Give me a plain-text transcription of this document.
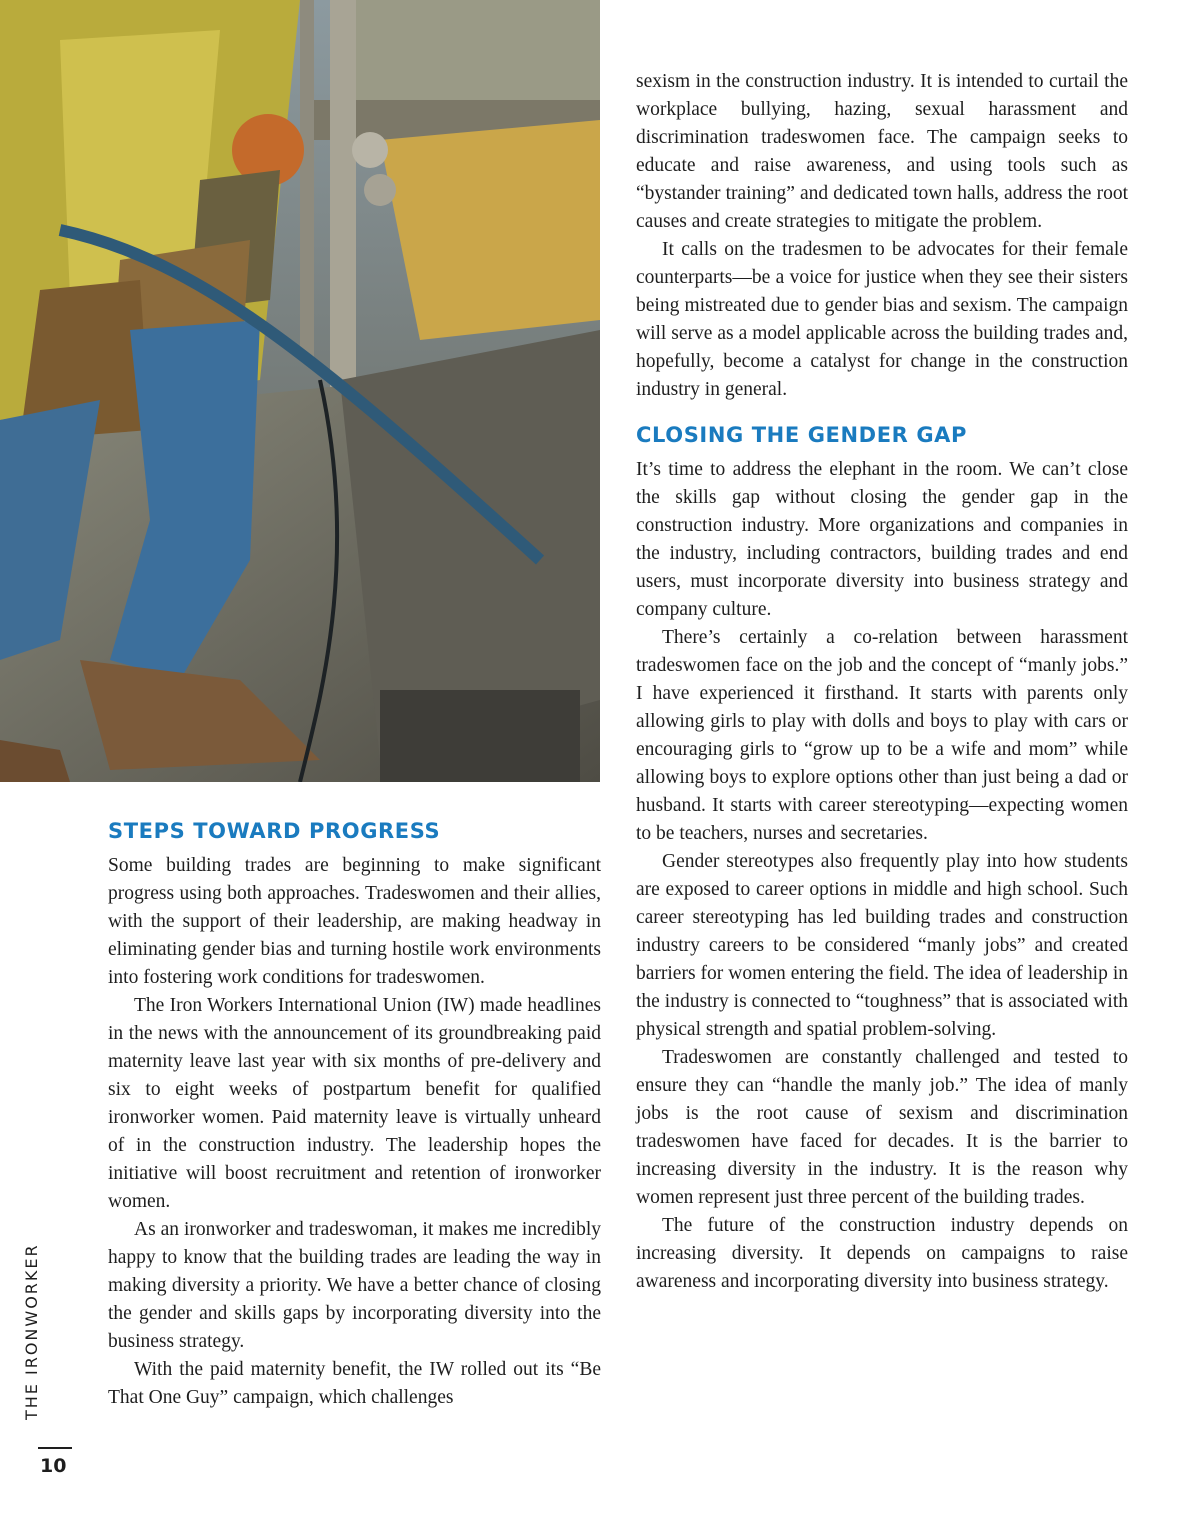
sexism in the construction industry. It is intended to curtail the workplace bullying, hazing, sexual harassment and discrimination tradeswomen face. The campaign seeks to educate and raise awareness, and using tools such as “bystander training” and dedicated town halls, address the root causes and create strategies to mitigate the problem.

It calls on the tradesmen to be advocates for their female counterparts—be a voice for justice when they see their sisters being mistreated due to gender bias and sexism. The campaign will serve as a model applicable across the building trades and, hopefully, become a catalyst for change in the construction industry in general.

CLOSING THE GENDER GAP

It’s time to address the elephant in the room. We can’t close the skills gap without closing the gender gap in the construction industry. More organizations and companies in the industry, including contractors, building trades and end users, must incorporate diversity into business strategy and company culture.

There’s certainly a co-relation between harassment tradeswomen face on the job and the concept of “manly jobs.” I have experienced it firsthand. It starts with parents only allowing girls to play with dolls and boys to play with cars or encouraging girls to “grow up to be a wife and mom” while allowing boys to explore options other than just being a dad or husband. It starts with career stereotyping—expecting women to be teachers, nurses and secretaries.

Gender stereotypes also frequently play into how students are exposed to career options in middle and high school. Such career stereotyping has led building trades and construction industry careers to be considered “manly jobs” and created barriers for women entering the field. The idea of leadership in the industry is connected to “toughness” that is associated with physical strength and spatial problem-solving.

Tradeswomen are constantly challenged and tested to ensure they can “handle the manly job.” The idea of manly jobs is the root cause of sexism and discrimination tradeswomen have faced for decades. It is the barrier to increasing diversity in the industry. It is the reason why women represent just three percent of the building trades.

The future of the construction industry depends on increasing diversity. It depends on campaigns to raise awareness and incorporating diversity into business strategy.

STEPS TOWARD PROGRESS

Some building trades are beginning to make significant progress using both approaches. Tradeswomen and their allies, with the support of their leadership, are making headway in eliminating gender bias and turning hostile work environments into fostering work conditions for tradeswomen.

The Iron Workers International Union (IW) made headlines in the news with the announcement of its groundbreaking paid maternity leave last year with six months of pre-delivery and six to eight weeks of postpartum benefit for qualified ironworker women. Paid maternity leave is virtually unheard of in the construction industry. The leadership hopes the initiative will boost recruitment and retention of ironworker women.

As an ironworker and tradeswoman, it makes me incredibly happy to know that the building trades are leading the way in making diversity a priority. We have a better chance of closing the gender and skills gaps by incorporating diversity into the business strategy.

With the paid maternity benefit, the IW rolled out its “Be That One Guy” campaign, which challenges

THE IRONWORKER
10
